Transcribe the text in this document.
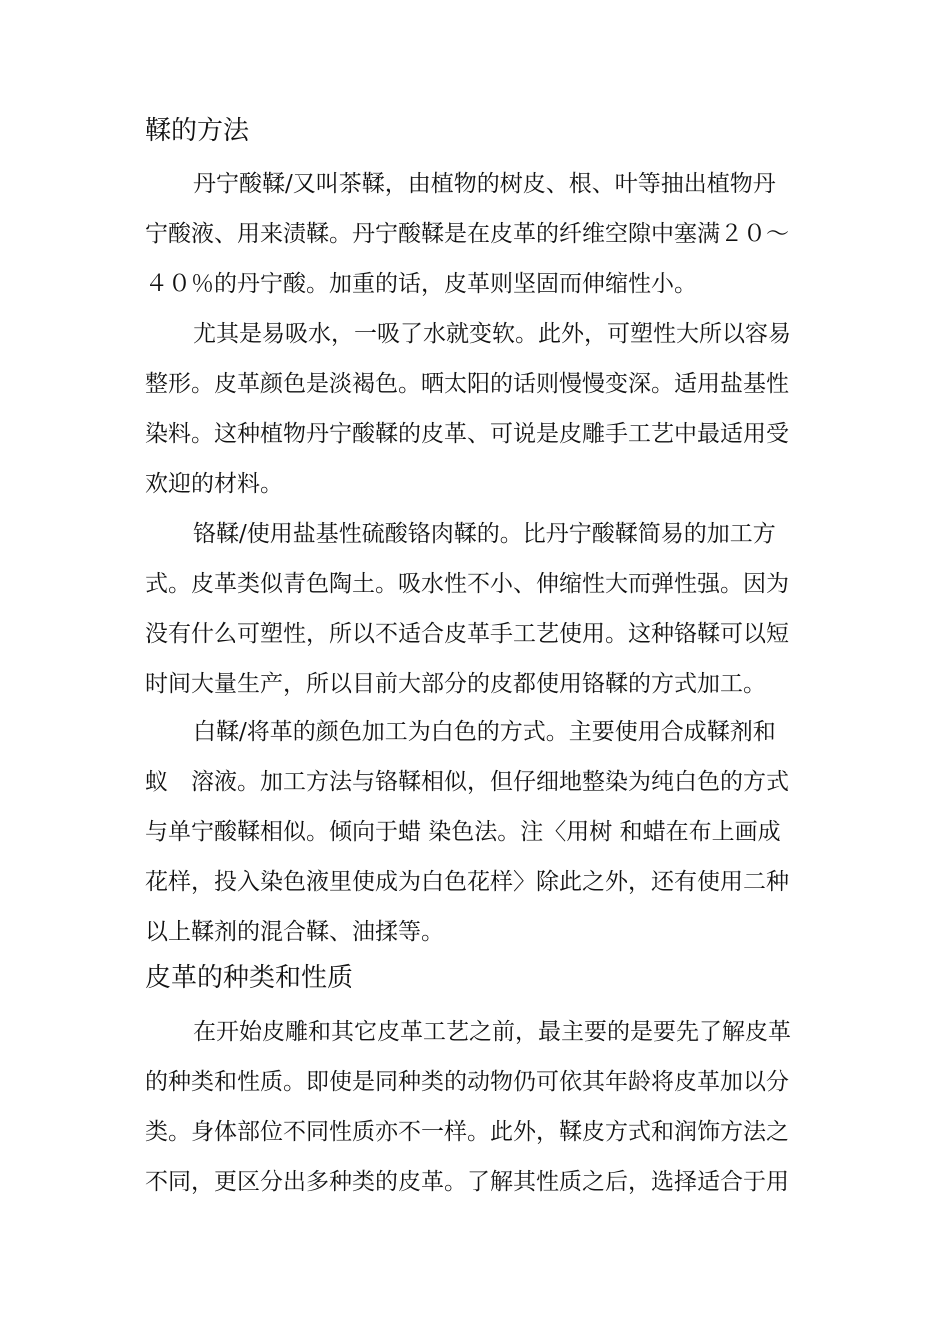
鞣的方法

丹宁酸鞣/又叫茶鞣，由植物的树皮、根、叶等抽出植物丹

宁酸液、用来渍鞣。丹宁酸鞣是在皮革的纤维空隙中塞满２０～

４０％的丹宁酸。加重的话，皮革则坚固而伸缩性小。

尤其是易吸水，一吸了水就变软。此外，可塑性大所以容易

整形。皮革颜色是淡褐色。晒太阳的话则慢慢变深。适用盐基性

染料。这种植物丹宁酸鞣的皮革、可说是皮雕手工艺中最适用受

欢迎的材料。

铬鞣/使用盐基性硫酸铬肉鞣的。比丹宁酸鞣简易的加工方

式。皮革类似青色陶土。吸水性不小、伸缩性大而弹性强。因为

没有什么可塑性，所以不适合皮革手工艺使用。这种铬鞣可以短

时间大量生产，所以目前大部分的皮都使用铬鞣的方式加工。

白鞣/将革的颜色加工为白色的方式。主要使用合成鞣剂和

蚁　溶液。加工方法与铬鞣相似，但仔细地整染为纯白色的方式

与单宁酸鞣相似。倾向于蜡 染色法。注〈用树 和蜡在布上画成

花样，投入染色液里使成为白色花样〉除此之外，还有使用二种

以上鞣剂的混合鞣、油揉等。

皮革的种类和性质

在开始皮雕和其它皮革工艺之前，最主要的是要先了解皮革

的种类和性质。即使是同种类的动物仍可依其年龄将皮革加以分

类。身体部位不同性质亦不一样。此外，鞣皮方式和润饰方法之

不同，更区分出多种类的皮革。了解其性质之后，选择适合于用
